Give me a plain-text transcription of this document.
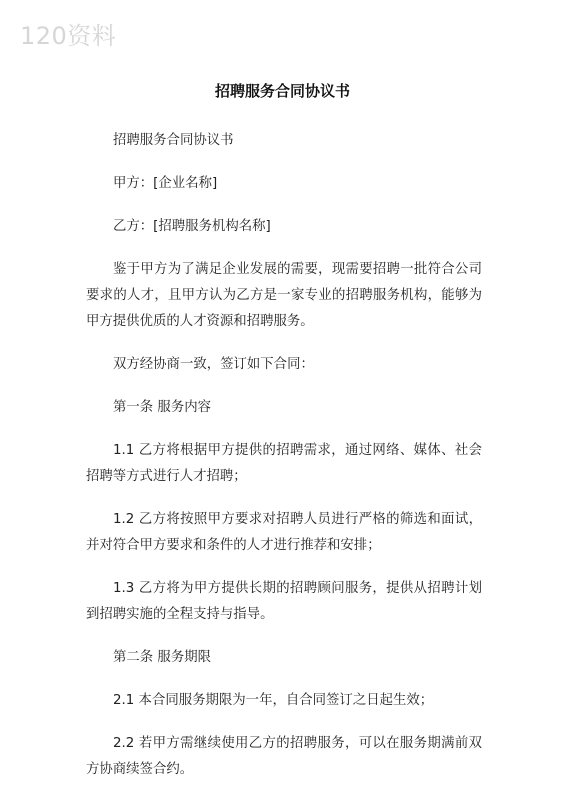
120资料
招聘服务合同协议书

招聘服务合同协议书

甲方：[企业名称]

乙方：[招聘服务机构名称]

鉴于甲方为了满足企业发展的需要，现需要招聘一批符合公司要求的人才，且甲方认为乙方是一家专业的招聘服务机构，能够为甲方提供优质的人才资源和招聘服务。

双方经协商一致，签订如下合同：

第一条 服务内容

1.1 乙方将根据甲方提供的招聘需求，通过网络、媒体、社会招聘等方式进行人才招聘；

1.2 乙方将按照甲方要求对招聘人员进行严格的筛选和面试，并对符合甲方要求和条件的人才进行推荐和安排；

1.3 乙方将为甲方提供长期的招聘顾问服务，提供从招聘计划到招聘实施的全程支持与指导。

第二条 服务期限

2.1 本合同服务期限为一年，自合同签订之日起生效；

2.2 若甲方需继续使用乙方的招聘服务，可以在服务期满前双方协商续签合约。
